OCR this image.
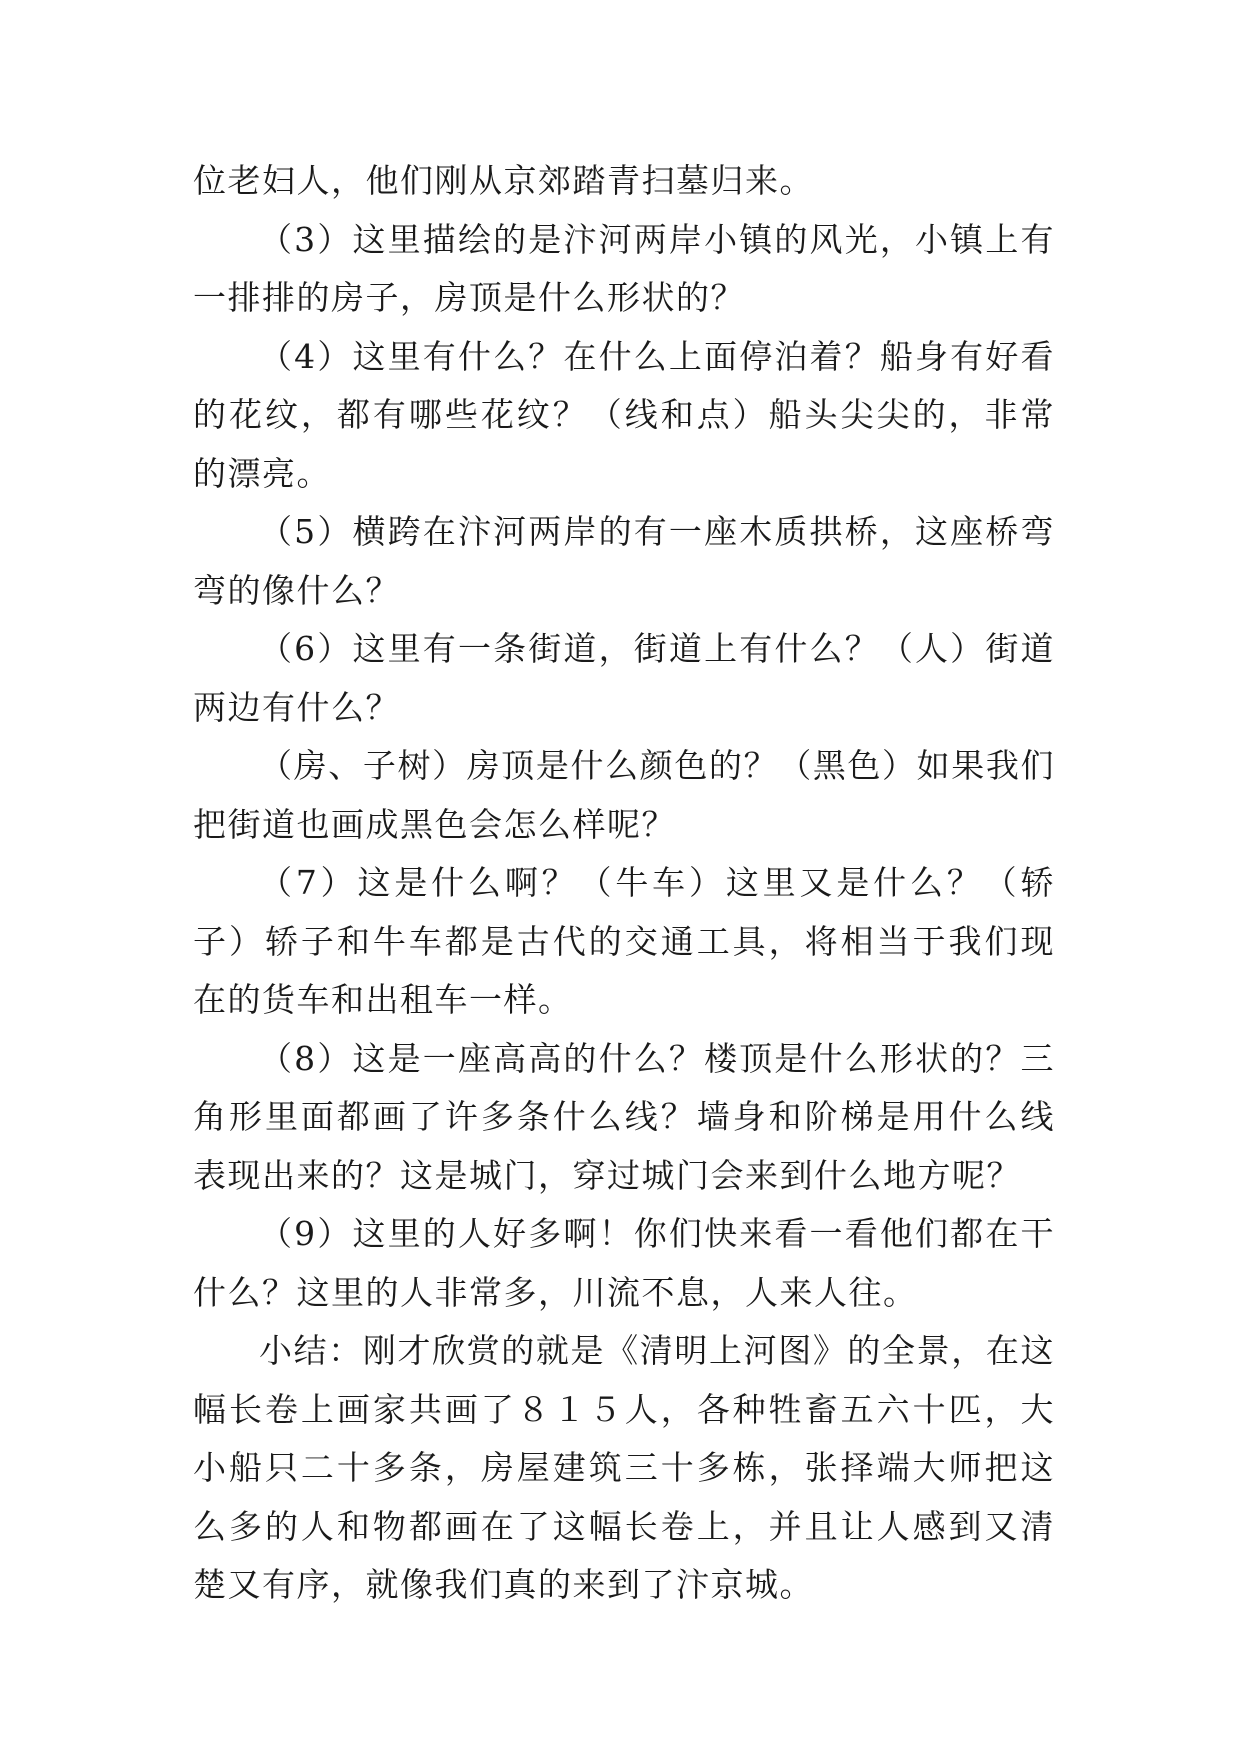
位老妇人，他们刚从京郊踏青扫墓归来。

（3）这里描绘的是汴河两岸小镇的风光，小镇上有一排排的房子，房顶是什么形状的？

（4）这里有什么？在什么上面停泊着？船身有好看的花纹，都有哪些花纹？（线和点）船头尖尖的，非常的漂亮。

（5）横跨在汴河两岸的有一座木质拱桥，这座桥弯弯的像什么？

（6）这里有一条街道，街道上有什么？（人）街道两边有什么？

（房、子树）房顶是什么颜色的？（黑色）如果我们把街道也画成黑色会怎么样呢？

（7）这是什么啊？（牛车）这里又是什么？（轿子）轿子和牛车都是古代的交通工具，将相当于我们现在的货车和出租车一样。

（8）这是一座高高的什么？楼顶是什么形状的？三角形里面都画了许多条什么线？墙身和阶梯是用什么线表现出来的？这是城门，穿过城门会来到什么地方呢？

（9）这里的人好多啊！你们快来看一看他们都在干什么？这里的人非常多，川流不息，人来人往。

小结：刚才欣赏的就是《清明上河图》的全景，在这幅长卷上画家共画了８１５人，各种牲畜五六十匹，大小船只二十多条，房屋建筑三十多栋，张择端大师把这么多的人和物都画在了这幅长卷上，并且让人感到又清楚又有序，就像我们真的来到了汴京城。
